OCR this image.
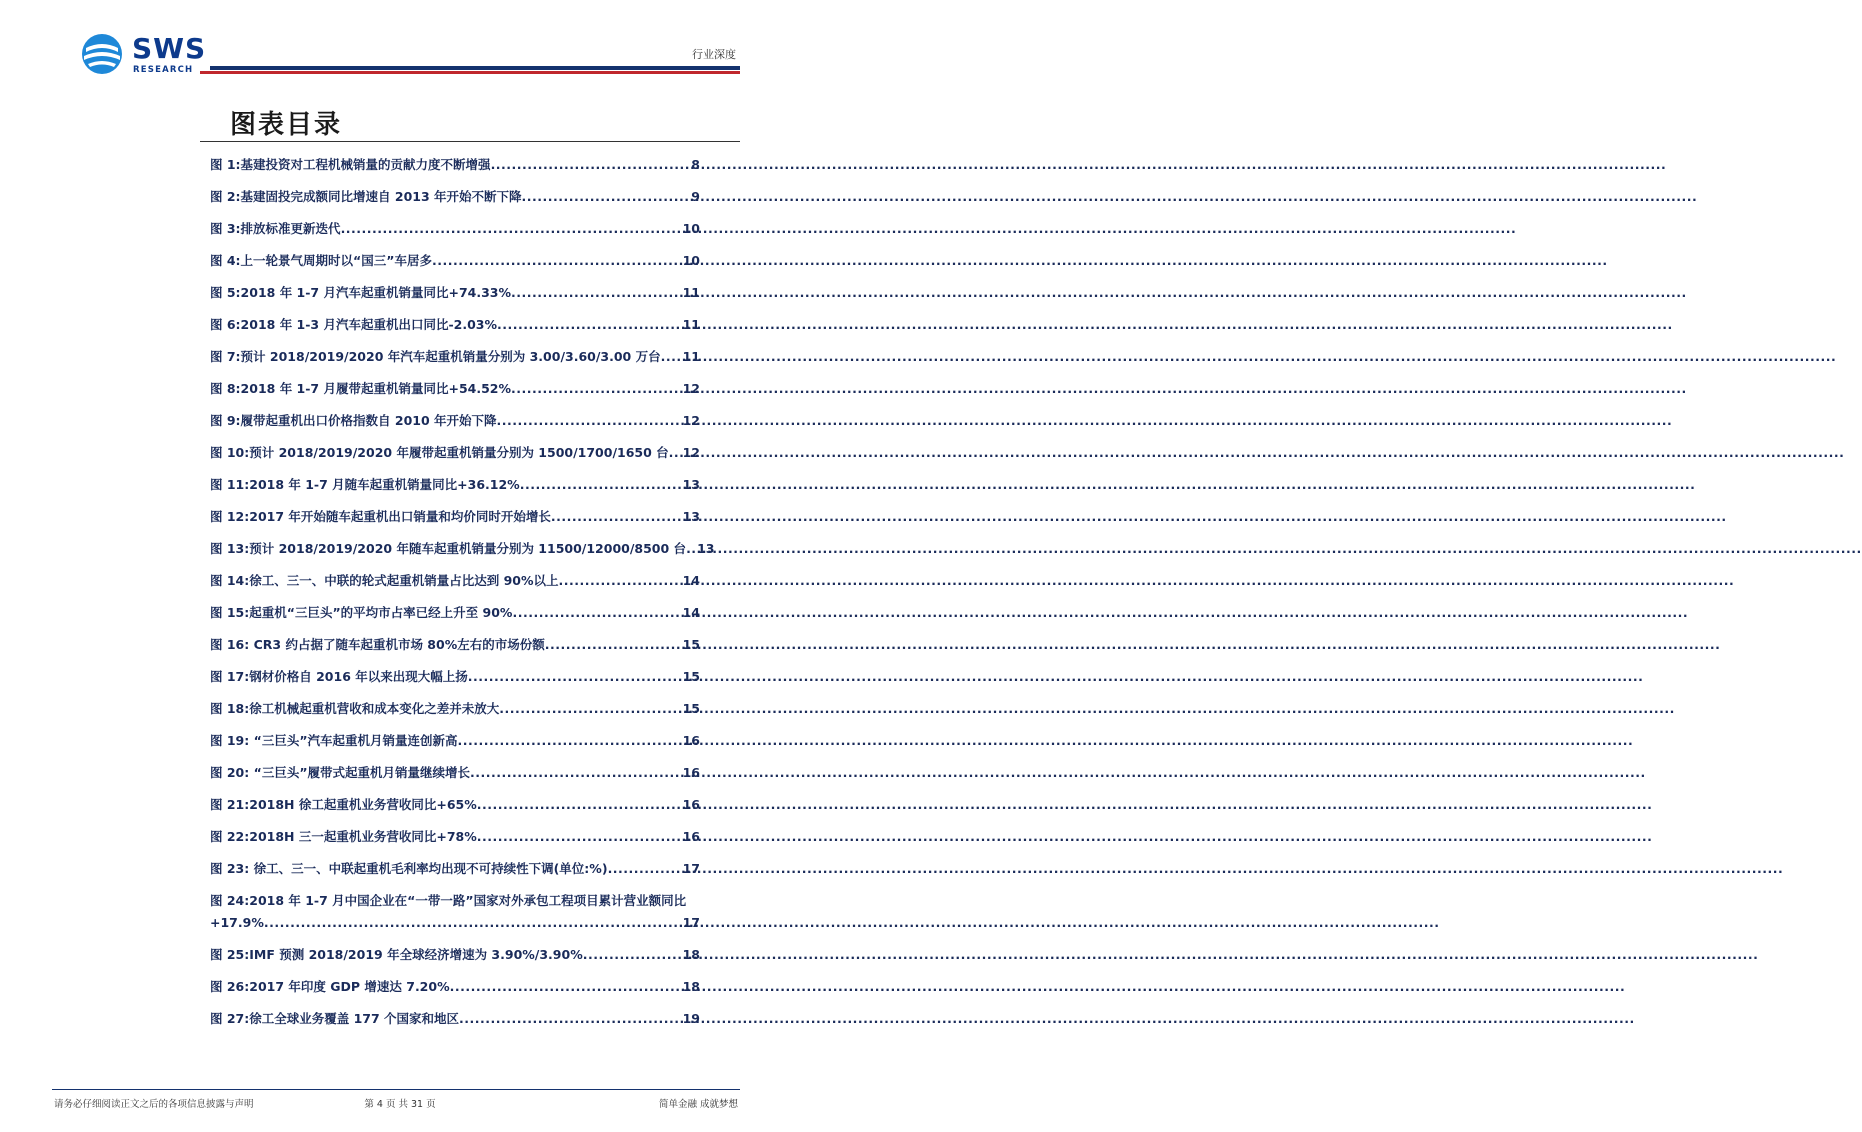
SWS
RESEARCH
行业深度
图表目录
图 1:基建投资对工程机械销量的贡献力度不断增强 .....	8
图 2:基建固投完成额同比增速自 2013 年开始不断下降 .....	9
图 3:排放标准更新迭代 .....	10
图 4:上一轮景气周期时以“国三”车居多 .....	10
图 5:2018 年 1-7 月汽车起重机销量同比+74.33% .....	11
图 6:2018 年 1-3 月汽车起重机出口同比-2.03% .....	11
图 7:预计 2018/2019/2020 年汽车起重机销量分别为 3.00/3.60/3.00 万台 ..... 11
图 8:2018 年 1-7 月履带起重机销量同比+54.52% .....	12
图 9:履带起重机出口价格指数自 2010 年开始下降 .....	12
图 10:预计 2018/2019/2020 年履带起重机销量分别为 1500/1700/1650 台 ..... 12
图 11:2018 年 1-7 月随车起重机销量同比+36.12% .....	13
图 12:2017 年开始随车起重机出口销量和均价同时开始增长 .....	13
图 13:预计 2018/2019/2020 年随车起重机销量分别为 11500/12000/8500 台 ..... 13
图 14:徐工、三一、中联的轮式起重机销量占比达到 90%以上 .....	14
图 15:起重机“三巨头”的平均市占率已经上升至 90% .....	14
图 16: CR3 约占据了随车起重机市场 80%左右的市场份额 .....	15
图 17:钢材价格自 2016 年以来出现大幅上扬 .....	15
图 18:徐工机械起重机营收和成本变化之差并未放大 .....	15
图 19: “三巨头”汽车起重机月销量连创新高 .....	16
图 20: “三巨头”履带式起重机月销量继续增长 .....	16
图 21:2018H 徐工起重机业务营收同比+65% .....	16
图 22:2018H 三一起重机业务营收同比+78% .....	16
图 23: 徐工、三一、中联起重机毛利率均出现不可持续性下调(单位:%) .....	17
图 24:2018 年 1-7 月中国企业在“一带一路”国家对外承包工程项目累计营业额同比
+17.9% .....	17
图 25:IMF 预测 2018/2019 年全球经济增速为 3.90%/3.90% .....	18
图 26:2017 年印度 GDP 增速达 7.20% .....	18
图 27:徐工全球业务覆盖 177 个国家和地区 .....	19
请务必仔细阅读正文之后的各项信息披露与声明	第 4 页 共 31 页	简单金融 成就梦想
